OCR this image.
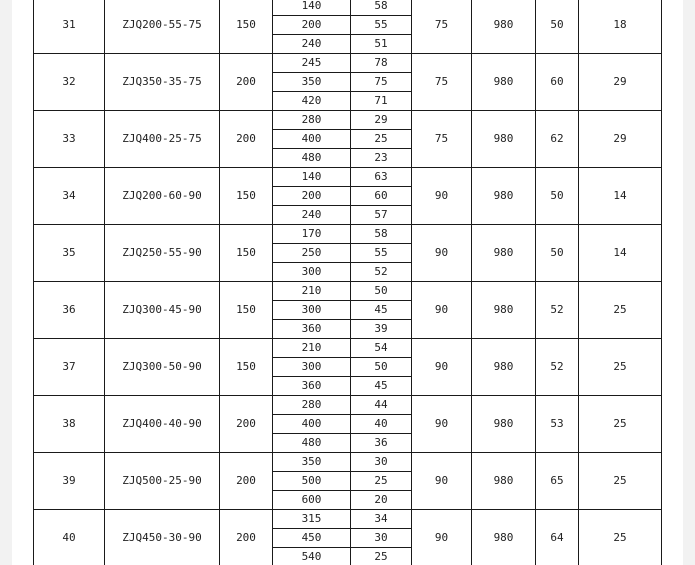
31	ZJQ200-55-75	150	140	58	75	980	50	18
			200	55				
			240	51				
32	ZJQ350-35-75	200	245	78	75	980	60	29
			350	75				
			420	71				
33	ZJQ400-25-75	200	280	29	75	980	62	29
			400	25				
			480	23				
34	ZJQ200-60-90	150	140	63	90	980	50	14
			200	60				
			240	57				
35	ZJQ250-55-90	150	170	58	90	980	50	14
			250	55				
			300	52				
36	ZJQ300-45-90	150	210	50	90	980	52	25
			300	45				
			360	39				
37	ZJQ300-50-90	150	210	54	90	980	52	25
			300	50				
			360	45				
38	ZJQ400-40-90	200	280	44	90	980	53	25
			400	40				
			480	36				
39	ZJQ500-25-90	200	350	30	90	980	65	25
			500	25				
			600	20				
40	ZJQ450-30-90	200	315	34	90	980	64	25
			450	30				
			540	25				
